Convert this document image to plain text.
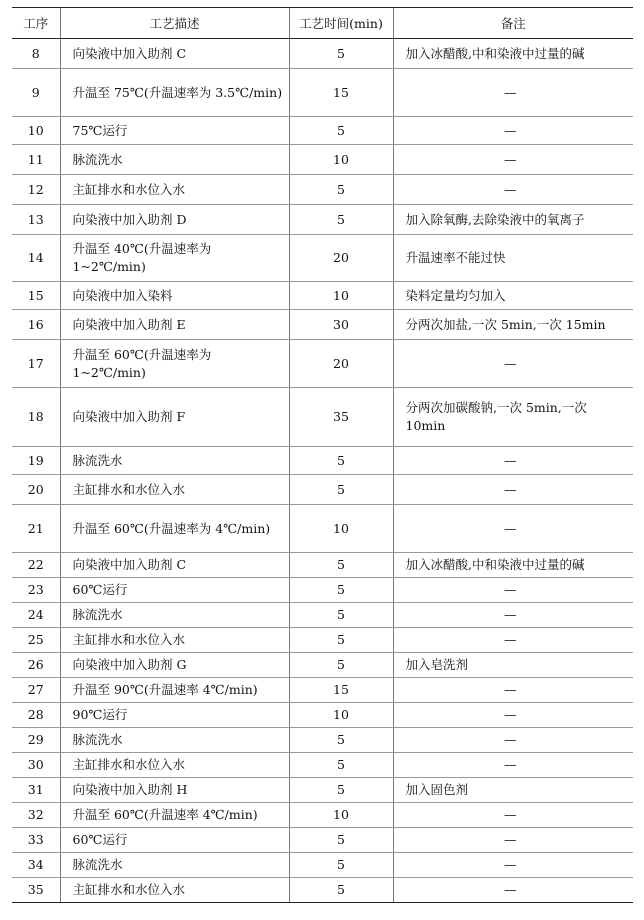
工序	工艺描述	工艺时间(min)	备注
8	向染液中加入助剂 C	5	加入冰醋酸,中和染液中过量的碱
9	升温至 75℃(升温速率为 3.5℃/min)	15	—
10	75℃运行	5	—
11	脉流洗水	10	—
12	主缸排水和水位入水	5	—
13	向染液中加入助剂 D	5	加入除氧酶,去除染液中的氧离子
14	升温至 40℃(升温速率为 1~2℃/min)	20	升温速率不能过快
15	向染液中加入染料	10	染料定量均匀加入
16	向染液中加入助剂 E	30	分两次加盐,一次 5min,一次 15min
17	升温至 60℃(升温速率为 1~2℃/min)	20	—
18	向染液中加入助剂 F	35	分两次加碳酸钠,一次 5min,一次 10min
19	脉流洗水	5	—
20	主缸排水和水位入水	5	—
21	升温至 60℃(升温速率为 4℃/min)	10	—
22	向染液中加入助剂 C	5	加入冰醋酸,中和染液中过量的碱
23	60℃运行	5	—
24	脉流洗水	5	—
25	主缸排水和水位入水	5	—
26	向染液中加入助剂 G	5	加入皂洗剂
27	升温至 90℃(升温速率 4℃/min)	15	—
28	90℃运行	10	—
29	脉流洗水	5	—
30	主缸排水和水位入水	5	—
31	向染液中加入助剂 H	5	加入固色剂
32	升温至 60℃(升温速率 4℃/min)	10	—
33	60℃运行	5	—
34	脉流洗水	5	—
35	主缸排水和水位入水	5	—
